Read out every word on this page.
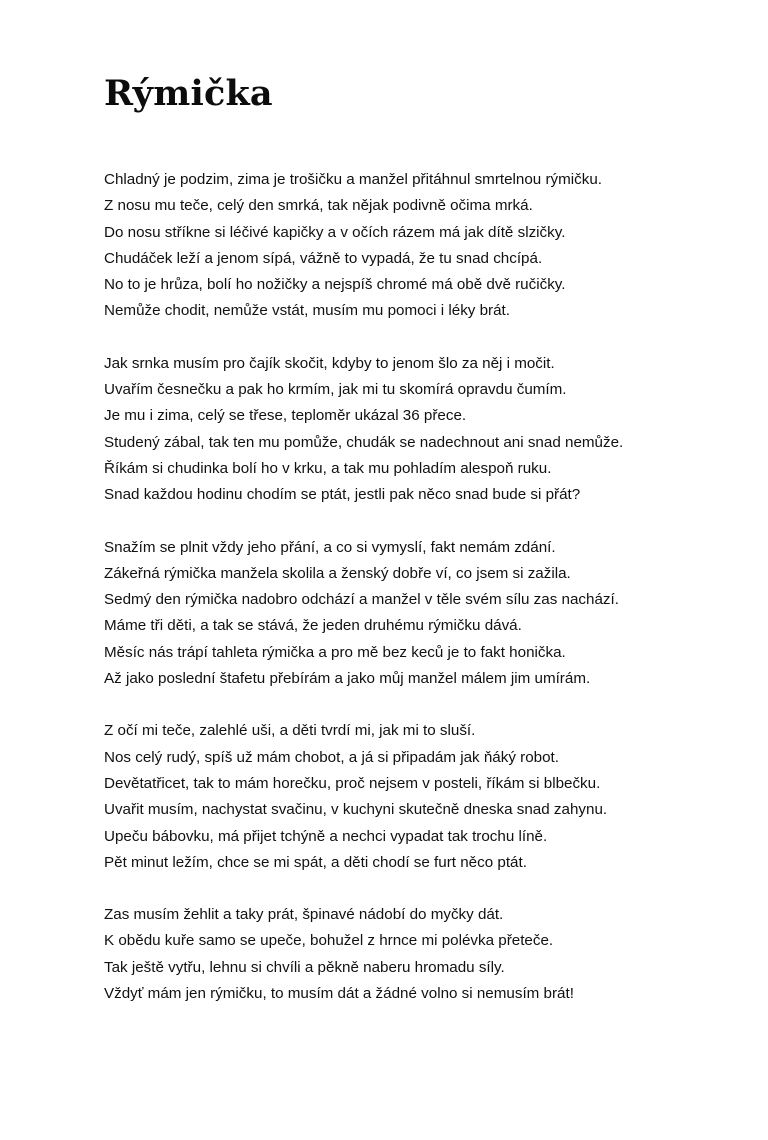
Rýmička
Chladný je podzim, zima je trošičku a manžel přitáhnul smrtelnou rýmičku.
Z nosu mu teče, celý den smrká, tak nějak podivně očima mrká.
Do nosu stříkne si léčivé kapičky a v očích rázem má jak dítě slzičky.
Chudáček leží a jenom sípá, vážně to vypadá, že tu snad chcípá.
No to je hrůza, bolí ho nožičky a nejspíš chromé má obě dvě ručičky.
Nemůže chodit, nemůže vstát, musím mu pomoci i léky brát.
Jak srnka musím pro čajík skočit, kdyby to jenom šlo za něj i močit.
Uvařím česnečku a pak ho krmím, jak mi tu skomírá opravdu čumím.
Je mu i zima, celý se třese, teploměr ukázal 36 přece.
Studený zábal, tak ten mu pomůže, chudák se nadechnout ani snad nemůže.
Říkám si chudinka bolí ho v krku, a tak mu pohladím alespoň ruku.
Snad každou hodinu chodím se ptát, jestli pak něco snad bude si přát?
Snažím se plnit vždy jeho přání, a co si vymyslí, fakt nemám zdání.
Zákeřná rýmička manžela skolila a ženský dobře ví, co jsem si zažila.
Sedmý den rýmička nadobro odchází a manžel v těle svém sílu zas nachází.
Máme tři děti, a tak se stává, že jeden druhému rýmičku dává.
Měsíc nás trápí tahleta rýmička a pro mě bez keců je to fakt honička.
Až jako poslední štafetu přebírám a jako můj manžel málem jim umírám.
Z očí mi teče, zalehlé uši, a děti tvrdí mi, jak mi to sluší.
Nos celý rudý, spíš už mám chobot, a já si připadám jak ňáký robot.
Devětatřicet, tak to mám horečku, proč nejsem v posteli, říkám si blbečku.
Uvařit musím, nachystat svačinu, v kuchyni skutečně dneska snad zahynu.
Upeču bábovku, má přijet tchýně a nechci vypadat tak trochu líně.
Pět minut ležím, chce se mi spát, a děti chodí se furt něco ptát.
Zas musím žehlit a taky prát, špinavé nádobí do myčky dát.
K obědu kuře samo se upeče, bohužel z hrnce mi polévka přeteče.
Tak ještě vytřu, lehnu si chvíli a pěkně naberu hromadu síly.
Vždyť mám jen rýmičku, to musím dát a žádné volno si nemusím brát!
